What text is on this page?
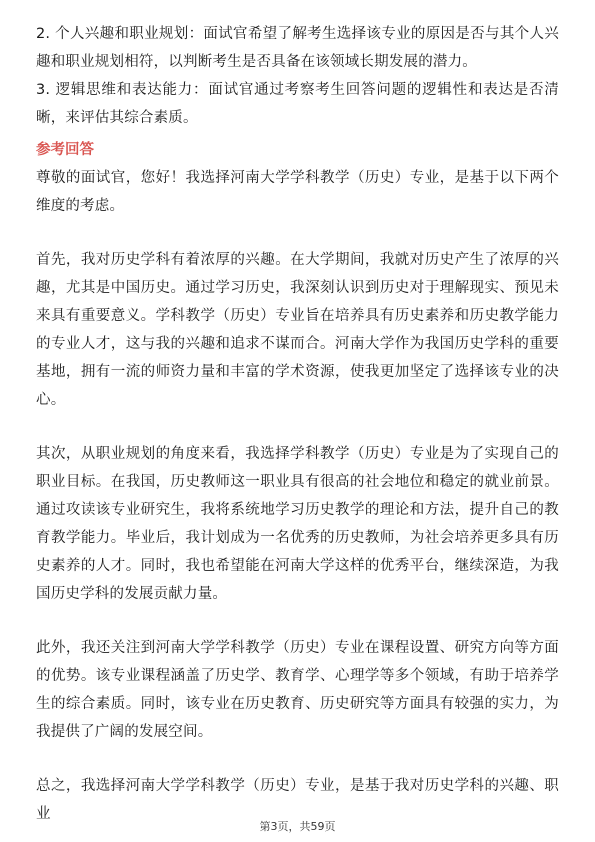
2. 个人兴趣和职业规划：面试官希望了解考生选择该专业的原因是否与其个人兴趣和职业规划相符，以判断考生是否具备在该领域长期发展的潜力。

3. 逻辑思维和表达能力：面试官通过考察考生回答问题的逻辑性和表达是否清晰，来评估其综合素质。

参考回答

尊敬的面试官，您好！我选择河南大学学科教学（历史）专业，是基于以下两个维度的考虑。

首先，我对历史学科有着浓厚的兴趣。在大学期间，我就对历史产生了浓厚的兴趣，尤其是中国历史。通过学习历史，我深刻认识到历史对于理解现实、预见未来具有重要意义。学科教学（历史）专业旨在培养具有历史素养和历史教学能力的专业人才，这与我的兴趣和追求不谋而合。河南大学作为我国历史学科的重要基地，拥有一流的师资力量和丰富的学术资源，使我更加坚定了选择该专业的决心。

其次，从职业规划的角度来看，我选择学科教学（历史）专业是为了实现自己的职业目标。在我国，历史教师这一职业具有很高的社会地位和稳定的就业前景。通过攻读该专业研究生，我将系统地学习历史教学的理论和方法，提升自己的教育教学能力。毕业后，我计划成为一名优秀的历史教师，为社会培养更多具有历史素养的人才。同时，我也希望能在河南大学这样的优秀平台，继续深造，为我国历史学科的发展贡献力量。

此外，我还关注到河南大学学科教学（历史）专业在课程设置、研究方向等方面的优势。该专业课程涵盖了历史学、教育学、心理学等多个领域，有助于培养学生的综合素质。同时，该专业在历史教育、历史研究等方面具有较强的实力，为我提供了广阔的发展空间。

总之，我选择河南大学学科教学（历史）专业，是基于我对历史学科的兴趣、职业

第3页，共59页
